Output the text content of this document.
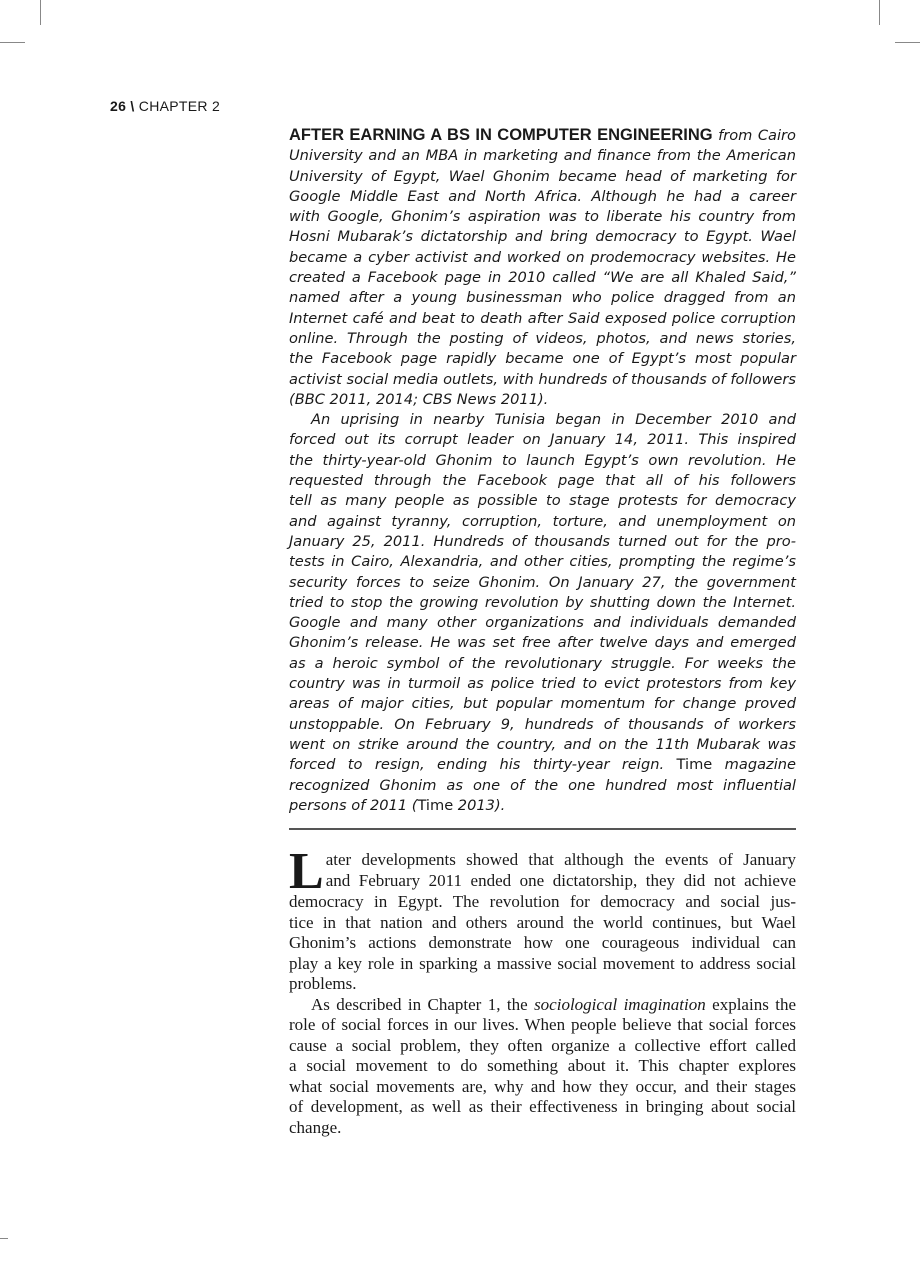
26 \ CHAPTER 2
AFTER EARNING A BS IN COMPUTER ENGINEERING from Cairo
University and an MBA in marketing and finance from the American
University of Egypt, Wael Ghonim became head of marketing for
Google Middle East and North Africa. Although he had a career
with Google, Ghonim’s aspiration was to liberate his country from
Hosni Mubarak’s dictatorship and bring democracy to Egypt. Wael
became a cyber activist and worked on prodemocracy websites. He
created a Facebook page in 2010 called “We are all Khaled Said,”
named after a young businessman who police dragged from an
Internet café and beat to death after Said exposed police corruption
online. Through the posting of videos, photos, and news stories,
the Facebook page rapidly became one of Egypt’s most popular
activist social media outlets, with hundreds of thousands of followers
(BBC 2011, 2014; CBS News 2011).
An uprising in nearby Tunisia began in December 2010 and
forced out its corrupt leader on January 14, 2011. This inspired
the thirty-year-old Ghonim to launch Egypt’s own revolution. He
requested through the Facebook page that all of his followers
tell as many people as possible to stage protests for democracy
and against tyranny, corruption, torture, and unemployment on
January 25, 2011. Hundreds of thousands turned out for the pro-
tests in Cairo, Alexandria, and other cities, prompting the regime’s
security forces to seize Ghonim. On January 27, the government
tried to stop the growing revolution by shutting down the Internet.
Google and many other organizations and individuals demanded
Ghonim’s release. He was set free after twelve days and emerged
as a heroic symbol of the revolutionary struggle. For weeks the
country was in turmoil as police tried to evict protestors from key
areas of major cities, but popular momentum for change proved
unstoppable. On February 9, hundreds of thousands of workers
went on strike around the country, and on the 11th Mubarak was
forced to resign, ending his thirty-year reign. Time magazine
recognized Ghonim as one of the one hundred most influential
persons of 2011 (Time 2013).
L ater developments showed that although the events of January
and February 2011 ended one dictatorship, they did not achieve
democracy in Egypt. The revolution for democracy and social jus-
tice in that nation and others around the world continues, but Wael
Ghonim’s actions demonstrate how one courageous individual can
play a key role in sparking a massive social movement to address social
problems.
As described in Chapter 1, the sociological imagination explains the
role of social forces in our lives. When people believe that social forces
cause a social problem, they often organize a collective effort called
a social movement to do something about it. This chapter explores
what social movements are, why and how they occur, and their stages
of development, as well as their effectiveness in bringing about social
change.
